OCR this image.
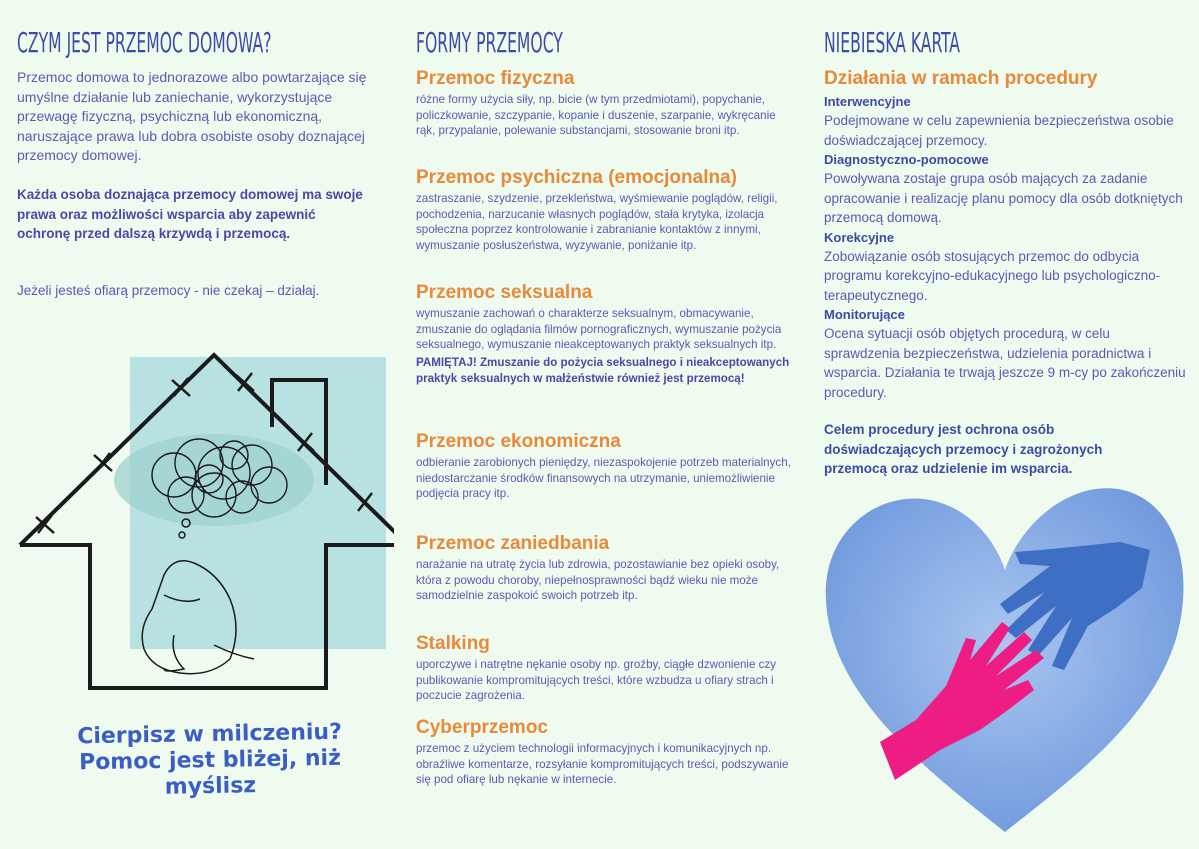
CZYM JEST PRZEMOC DOMOWA?

Przemoc domowa to jednorazowe albo powtarzające się umyślne działanie lub zaniechanie, wykorzystujące przewagę fizyczną, psychiczną lub ekonomiczną, naruszające prawa lub dobra osobiste osoby doznającej przemocy domowej.

Każda osoba doznająca przemocy domowej ma swoje prawa oraz możliwości wsparcia aby zapewnić ochronę przed dalszą krzywdą i przemocą.

Jeżeli jesteś ofiarą przemocy - nie czekaj – działaj.

Cierpisz w milczeniu?
Pomoc jest bliżej, niż
myślisz
FORMY PRZEMOCY
Przemoc fizyczna

różne formy użycia siły, np. bicie (w tym przedmiotami), popychanie, policzkowanie, szczypanie, kopanie i duszenie, szarpanie, wykręcanie rąk, przypalanie, polewanie substancjami, stosowanie broni itp.

Przemoc psychiczna (emocjonalna)

zastraszanie, szydzenie, przekleństwa, wyśmiewanie poglądów, religii, pochodzenia, narzucanie własnych poglądów, stała krytyka, izolacja społeczna poprzez kontrolowanie i zabranianie kontaktów z innymi, wymuszanie posłuszeństwa, wyzywanie, poniżanie itp.

Przemoc seksualna

wymuszanie zachowań o charakterze seksualnym, obmacywanie, zmuszanie do oglądania filmów pornograficznych, wymuszanie pożycia seksualnego, wymuszanie nieakceptowanych praktyk seksualnych itp.

PAMIĘTAJ! Zmuszanie do pożycia seksualnego i nieakceptowanych praktyk seksualnych w małżeństwie również jest przemocą!

Przemoc ekonomiczna

odbieranie zarobionych pieniędzy, niezaspokojenie potrzeb materialnych, niedostarczanie środków finansowych na utrzymanie, uniemożliwienie podjęcia pracy itp.

Przemoc zaniedbania

narażanie na utratę życia lub zdrowia, pozostawianie bez opieki osoby, która z powodu choroby, niepełnosprawności bądź wieku nie może samodzielnie zaspokoić swoich potrzeb itp.

Stalking

uporczywe i natrętne nękanie osoby np. groźby, ciągłe dzwonienie czy publikowanie kompromitujących treści, które wzbudza u ofiary strach i poczucie zagrożenia.

Cyberprzemoc

przemoc z użyciem technologii informacyjnych i komunikacyjnych np. obraźliwe komentarze, rozsyłanie kompromitujących treści, podszywanie się pod ofiarę lub nękanie w internecie.

NIEBIESKA KARTA
Działania w ramach procedury
Interwencyjne
Podejmowane w celu zapewnienia bezpieczeństwa osobie doświadczającej przemocy.
Diagnostyczno-pomocowe
Powoływana zostaje grupa osób mających za zadanie opracowanie i realizację planu pomocy dla osób dotkniętych przemocą domową.
Korekcyjne
Zobowiązanie osób stosujących przemoc do odbycia programu korekcyjno-edukacyjnego lub psychologiczno-terapeutycznego.
Monitorujące
Ocena sytuacji osób objętych procedurą, w celu sprawdzenia bezpieczeństwa, udzielenia poradnictwa i wsparcia. Działania te trwają jeszcze 9 m-cy po zakończeniu procedury.

Celem procedury jest ochrona osób doświadczających przemocy i zagrożonych przemocą oraz udzielenie im wsparcia.
